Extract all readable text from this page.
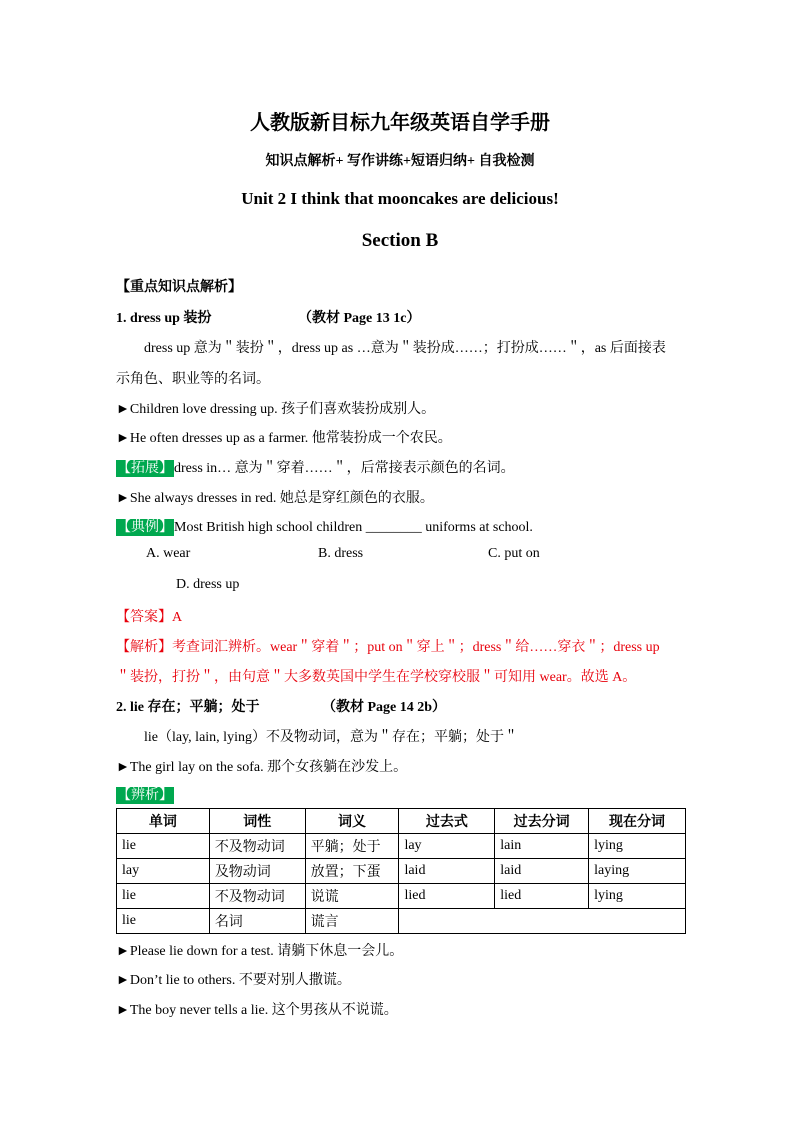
人教版新目标九年级英语自学手册
知识点解析+ 写作讲练+短语归纳+ 自我检测
Unit 2 I think that mooncakes are delicious!
Section B
【重点知识点解析】
1. dress up 装扮	（教材 Page 13 1c）
dress up 意为＂装扮＂，dress up as …意为＂装扮成……；打扮成……＂，as 后面接表
示角色、职业等的名词。
►Children love dressing up. 孩子们喜欢装扮成别人。
►He often dresses up as a farmer. 他常装扮成一个农民。
【拓展】dress in… 意为＂穿着……＂，后常接表示颜色的名词。
►She always dresses in red. 她总是穿红颜色的衣服。
【典例】Most British high school children ________ uniforms at school.
A. wear	B. dress	C. put on
D. dress up
【答案】A
【解析】考查词汇辨析。wear＂穿着＂；put on＂穿上＂；dress＂给……穿衣＂；dress up
＂装扮，打扮＂，由句意＂大多数英国中学生在学校穿校服＂可知用 wear。故选 A。
2. lie 存在；平躺；处于	（教材 Page 14 2b）
lie（lay, lain, lying）不及物动词，意为＂存在；平躺；处于＂
►The girl lay on the sofa. 那个女孩躺在沙发上。
【辨析】
单词	词性	词义	过去式	过去分词	现在分词
lie	不及物动词	平躺；处于	lay	lain	lying
lay	及物动词	放置；下蛋	laid	laid	laying
lie	不及物动词	说谎	lied	lied	lying
lie	名词	谎言			
►Please lie down for a test. 请躺下休息一会儿。
►Don’t lie to others. 不要对别人撒谎。
►The boy never tells a lie. 这个男孩从不说谎。
